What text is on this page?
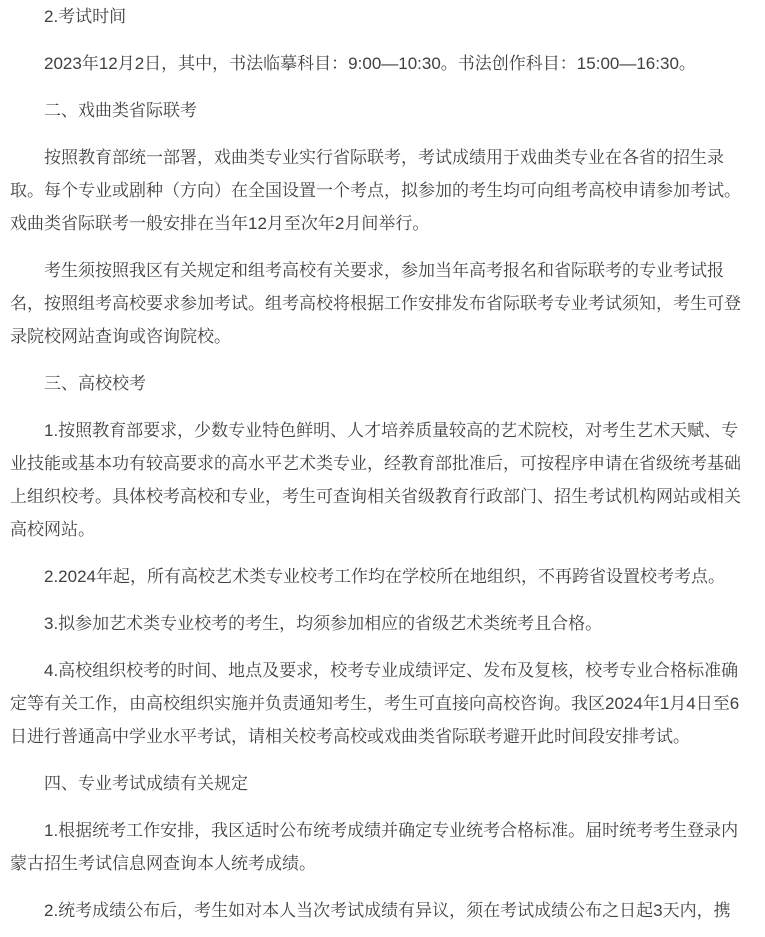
2.考试时间

2023年12月2日，其中，书法临摹科目：9:00—10:30。书法创作科目：15:00—16:30。

二、戏曲类省际联考

按照教育部统一部署，戏曲类专业实行省际联考，考试成绩用于戏曲类专业在各省的招生录取。每个专业或剧种（方向）在全国设置一个考点，拟参加的考生均可向组考高校申请参加考试。戏曲类省际联考一般安排在当年12月至次年2月间举行。

考生须按照我区有关规定和组考高校有关要求，参加当年高考报名和省际联考的专业考试报名，按照组考高校要求参加考试。组考高校将根据工作安排发布省际联考专业考试须知，考生可登录院校网站查询或咨询院校。

三、高校校考

1.按照教育部要求，少数专业特色鲜明、人才培养质量较高的艺术院校，对考生艺术天赋、专业技能或基本功有较高要求的高水平艺术类专业，经教育部批准后，可按程序申请在省级统考基础上组织校考。具体校考高校和专业，考生可查询相关省级教育行政部门、招生考试机构网站或相关高校网站。

2.2024年起，所有高校艺术类专业校考工作均在学校所在地组织，不再跨省设置校考考点。

3.拟参加艺术类专业校考的考生，均须参加相应的省级艺术类统考且合格。

4.高校组织校考的时间、地点及要求，校考专业成绩评定、发布及复核，校考专业合格标准确定等有关工作，由高校组织实施并负责通知考生，考生可直接向高校咨询。我区2024年1月4日至6日进行普通高中学业水平考试，请相关校考高校或戏曲类省际联考避开此时间段安排考试。

四、专业考试成绩有关规定

1.根据统考工作安排，我区适时公布统考成绩并确定专业统考合格标准。届时统考考生登录内蒙古招生考试信息网查询本人统考成绩。

2.统考成绩公布后，考生如对本人当次考试成绩有异议，须在考试成绩公布之日起3天内，携
